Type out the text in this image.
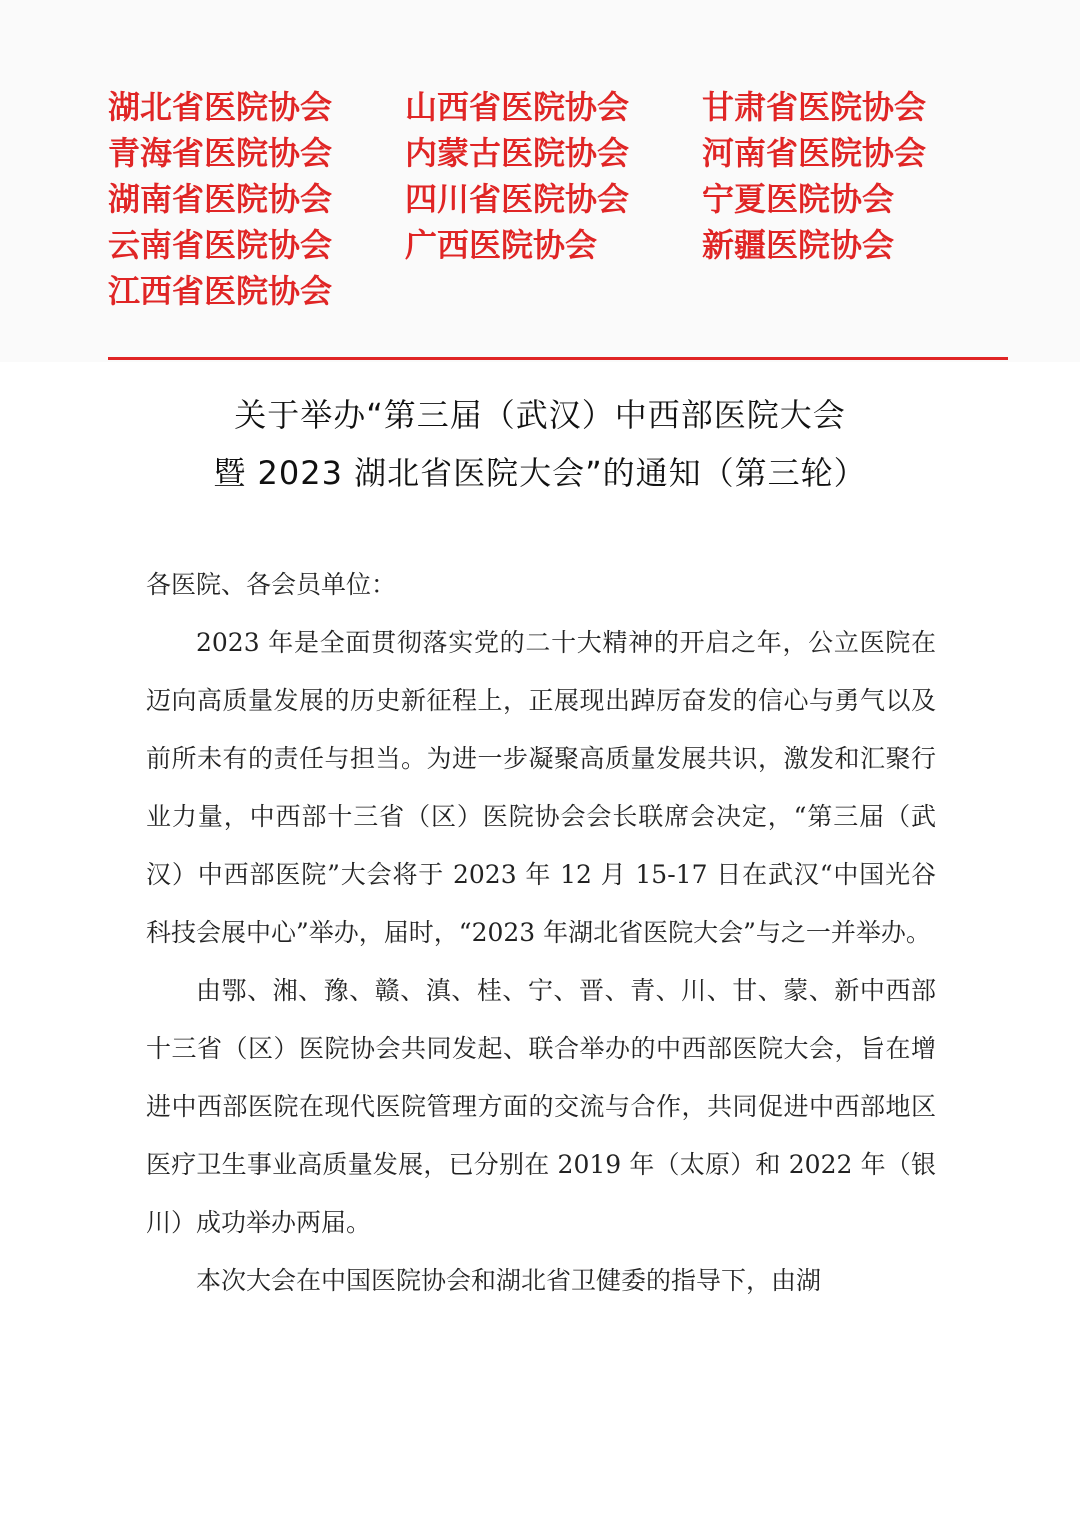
湖北省医院协会	山西省医院协会	甘肃省医院协会
青海省医院协会	内蒙古医院协会	河南省医院协会
湖南省医院协会	四川省医院协会	宁夏医院协会
云南省医院协会	广西医院协会	新疆医院协会
江西省医院协会
关于举办“第三届（武汉）中西部医院大会
暨 2023 湖北省医院大会”的通知（第三轮）

各医院、各会员单位：

2023 年是全面贯彻落实党的二十大精神的开启之年，公立医院在迈向高质量发展的历史新征程上，正展现出踔厉奋发的信心与勇气以及前所未有的责任与担当。为进一步凝聚高质量发展共识，激发和汇聚行业力量，中西部十三省（区）医院协会会长联席会决定，“第三届（武汉）中西部医院”大会将于 2023 年 12 月 15-17 日在武汉“中国光谷科技会展中心”举办，届时，“2023 年湖北省医院大会”与之一并举办。

由鄂、湘、豫、赣、滇、桂、宁、晋、青、川、甘、蒙、新中西部十三省（区）医院协会共同发起、联合举办的中西部医院大会，旨在增进中西部医院在现代医院管理方面的交流与合作，共同促进中西部地区医疗卫生事业高质量发展，已分别在 2019 年（太原）和 2022 年（银川）成功举办两届。

本次大会在中国医院协会和湖北省卫健委的指导下，由湖
